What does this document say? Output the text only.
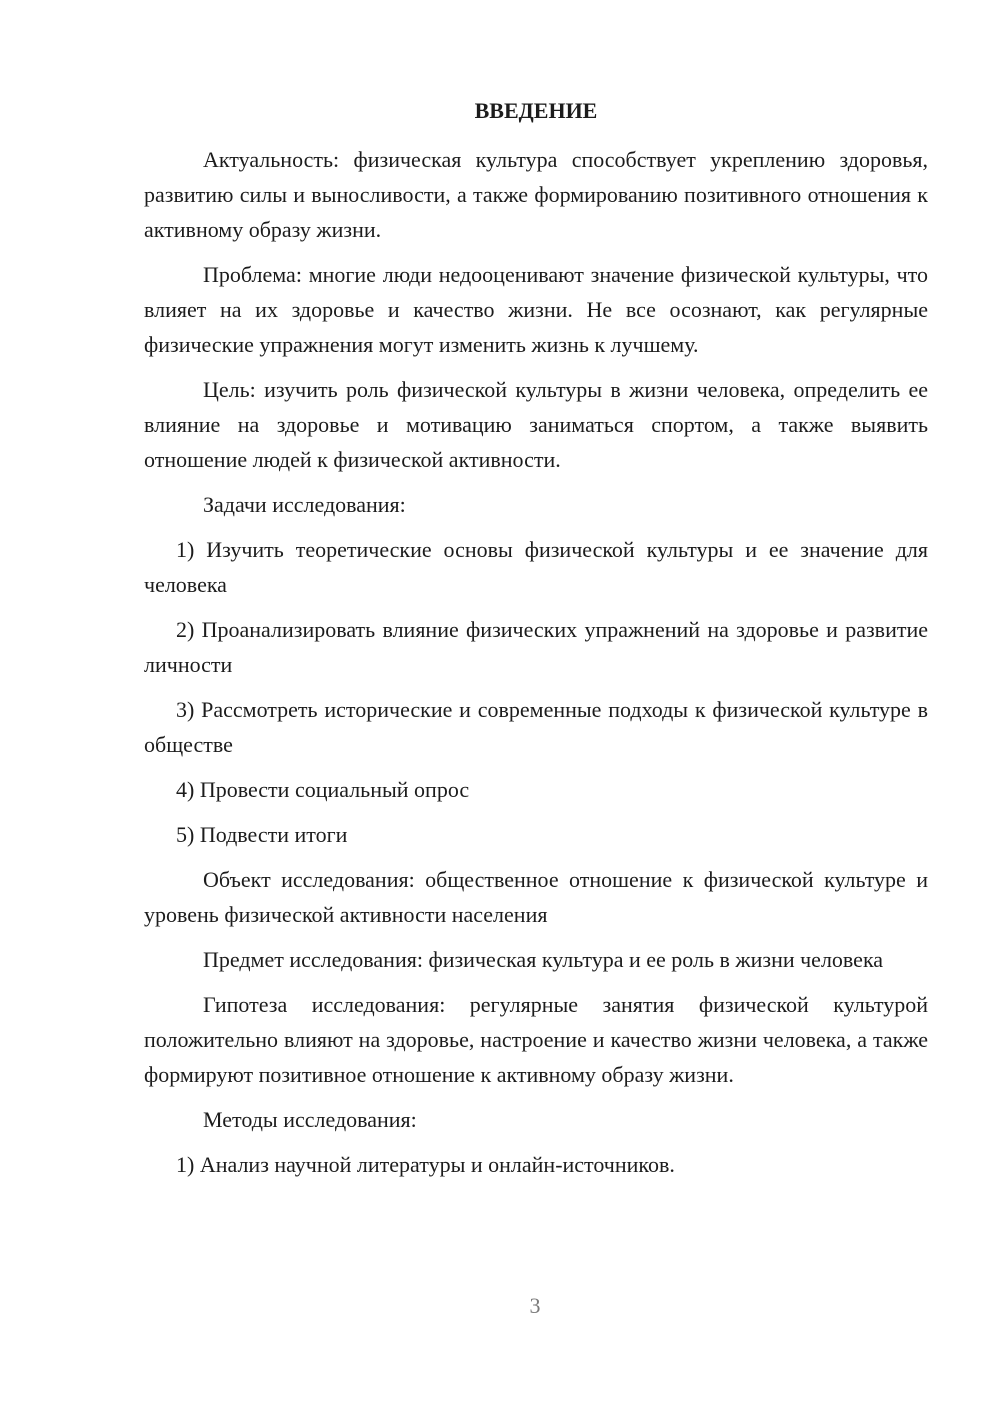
ВВЕДЕНИЕ

Актуальность: физическая культура способствует укреплению здоровья, развитию силы и выносливости, а также формированию позитивного отношения к активному образу жизни.

Проблема: многие люди недооценивают значение физической культуры, что влияет на их здоровье и качество жизни. Не все осознают, как регулярные физические упражнения могут изменить жизнь к лучшему.

Цель: изучить роль физической культуры в жизни человека, определить ее влияние на здоровье и мотивацию заниматься спортом, а также выявить отношение людей к физической активности.

Задачи исследования:

1) Изучить теоретические основы физической культуры и ее значение для человека

2) Проанализировать влияние физических упражнений на здоровье и развитие личности

3) Рассмотреть исторические и современные подходы к физической культуре в обществе

4) Провести социальный опрос

5) Подвести итоги

Объект исследования: общественное отношение к физической культуре и уровень физической активности населения

Предмет исследования: физическая культура и ее роль в жизни человека

Гипотеза исследования: регулярные занятия физической культурой положительно влияют на здоровье, настроение и качество жизни человека, а также формируют позитивное отношение к активному образу жизни.

Методы исследования:

1) Анализ научной литературы и онлайн-источников.

3
